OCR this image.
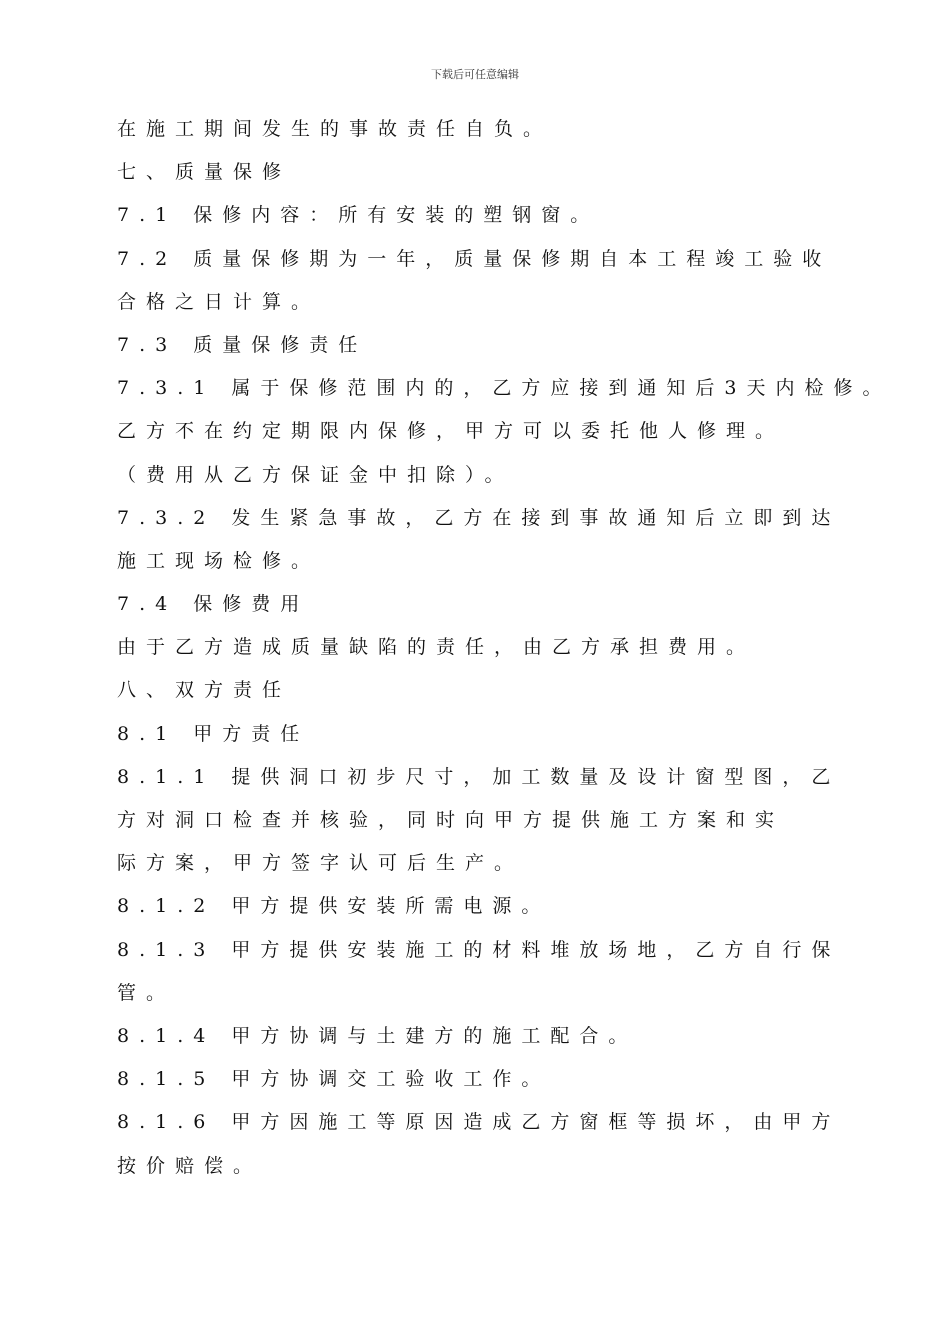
下载后可任意编辑
在施工期间发生的事故责任自负。
七、质量保修
7.1 保修内容：所有安装的塑钢窗。
7.2 质量保修期为一年，质量保修期自本工程竣工验收
合格之日计算。
7.3 质量保修责任
7.3.1 属于保修范围内的，乙方应接到通知后3天内检修。
乙方不在约定期限内保修，甲方可以委托他人修理。
（费用从乙方保证金中扣除）。
7.3.2 发生紧急事故，乙方在接到事故通知后立即到达
施工现场检修。
7.4 保修费用
由于乙方造成质量缺陷的责任，由乙方承担费用。
八、双方责任
8.1 甲方责任
8.1.1 提供洞口初步尺寸，加工数量及设计窗型图，乙
方对洞口检查并核验，同时向甲方提供施工方案和实
际方案，甲方签字认可后生产。
8.1.2 甲方提供安装所需电源。
8.1.3 甲方提供安装施工的材料堆放场地，乙方自行保
管。
8.1.4 甲方协调与土建方的施工配合。
8.1.5 甲方协调交工验收工作。
8.1.6 甲方因施工等原因造成乙方窗框等损坏，由甲方
按价赔偿。
